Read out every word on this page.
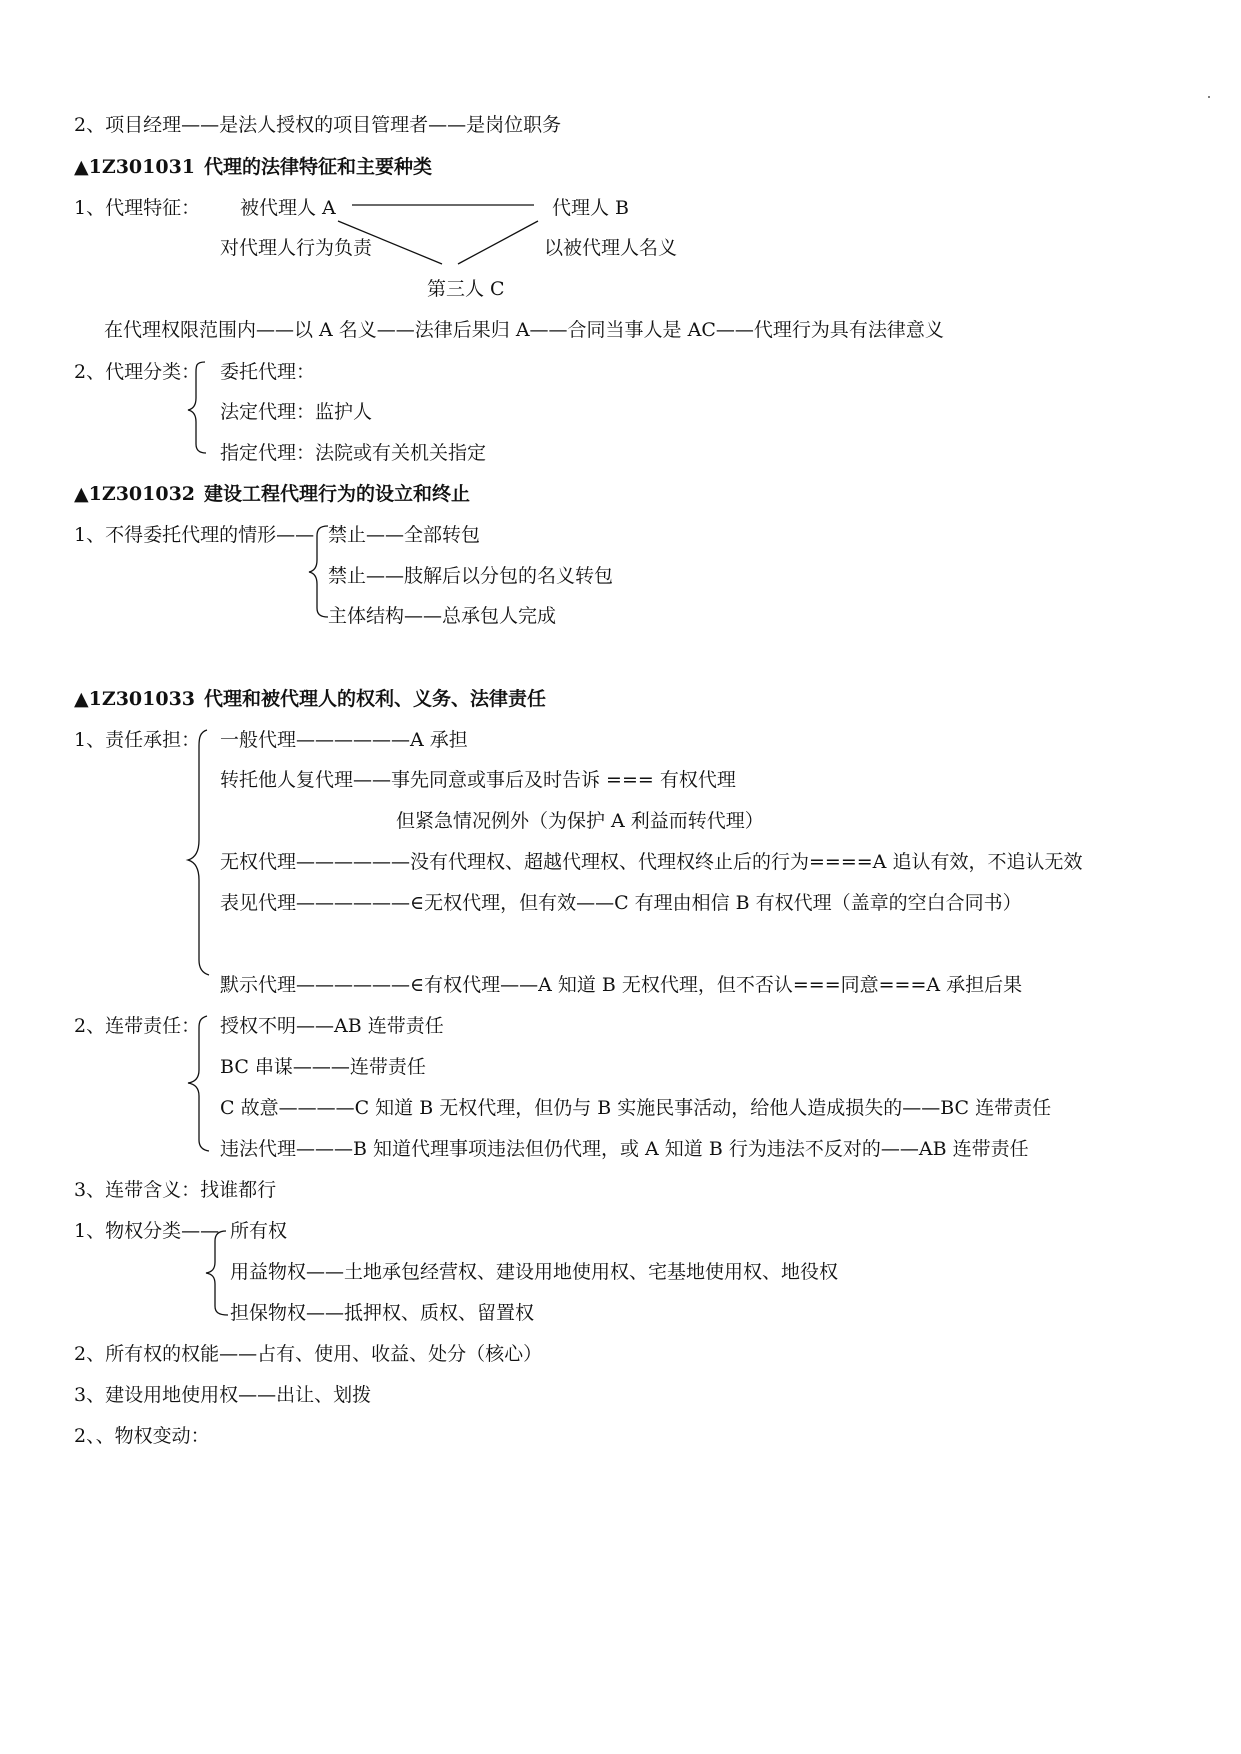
2、项目经理——是法人授权的项目管理者——是岗位职务
▲1Z301031 代理的法律特征和主要种类
1、代理特征： 被代理人 A	代理人 B
对代理人行为负责	以被代理人名义
第三人 C
在代理权限范围内——以 A 名义——法律后果归 A——合同当事人是 AC——代理行为具有法律意义
2、代理分类： 委托代理：
法定代理：监护人
指定代理：法院或有关机关指定
▲1Z301032 建设工程代理行为的设立和终止
1、不得委托代理的情形—— 禁止——全部转包
禁止——肢解后以分包的名义转包
主体结构——总承包人完成
▲1Z301033 代理和被代理人的权利、义务、法律责任
1、责任承担： 一般代理——————A 承担
转托他人复代理——事先同意或事后及时告诉 === 有权代理
但紧急情况例外（为保护 A 利益而转代理）
无权代理——————没有代理权、超越代理权、代理权终止后的行为====A 追认有效，不追认无效
表见代理——————∈无权代理，但有效——C 有理由相信 B 有权代理（盖章的空白合同书）
默示代理——————∈有权代理——A 知道 B 无权代理，但不否认===同意===A 承担后果
2、连带责任： 授权不明——AB 连带责任
BC 串谋———连带责任
C 故意————C 知道 B 无权代理，但仍与 B 实施民事活动，给他人造成损失的——BC 连带责任
违法代理———B 知道代理事项违法但仍代理，或 A 知道 B 行为违法不反对的——AB 连带责任
3、连带含义：找谁都行
1、物权分类—— 所有权
用益物权——土地承包经营权、建设用地使用权、宅基地使用权、地役权
担保物权——抵押权、质权、留置权
2、所有权的权能——占有、使用、收益、处分（核心）
3、建设用地使用权——出让、划拨
2、、物权变动：
